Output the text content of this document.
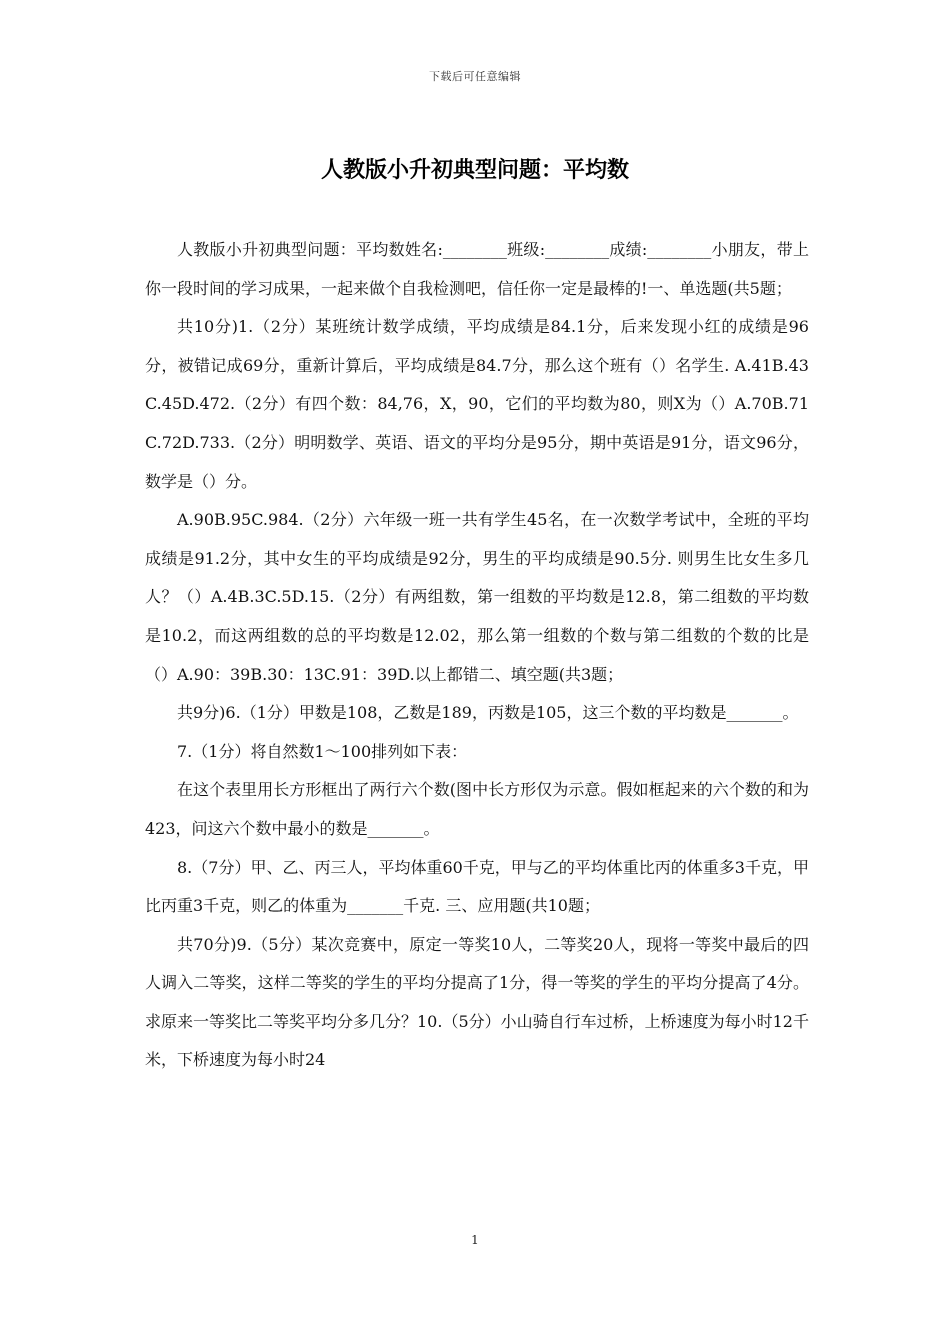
下载后可任意编辑
人教版小升初典型问题：平均数

人教版小升初典型问题：平均数姓名:________班级:________成绩:________小朋友，带上你一段时间的学习成果，一起来做个自我检测吧，信任你一定是最棒的!一、单选题(共5题；

共10分)1.（2分）某班统计数学成绩，平均成绩是84.1分，后来发现小红的成绩是96分，被错记成69分，重新计算后，平均成绩是84.7分，那么这个班有（）名学生. A.41B.43C.45D.472.（2分）有四个数：84,76，X，90，它们的平均数为80，则X为（）A.70B.71C.72D.733.（2分）明明数学、英语、语文的平均分是95分，期中英语是91分，语文96分，数学是（）分。

A.90B.95C.984.（2分）六年级一班一共有学生45名，在一次数学考试中，全班的平均成绩是91.2分，其中女生的平均成绩是92分，男生的平均成绩是90.5分. 则男生比女生多几人？（）A.4B.3C.5D.15.（2分）有两组数，第一组数的平均数是12.8，第二组数的平均数是10.2，而这两组数的总的平均数是12.02，那么第一组数的个数与第二组数的个数的比是（）A.90：39B.30：13C.91：39D.以上都错二、填空题(共3题；

共9分)6.（1分）甲数是108，乙数是189，丙数是105，这三个数的平均数是_______。

7.（1分）将自然数1～100排列如下表：

在这个表里用长方形框出了两行六个数(图中长方形仅为示意。假如框起来的六个数的和为423，问这六个数中最小的数是_______。

8.（7分）甲、乙、丙三人，平均体重60千克，甲与乙的平均体重比丙的体重多3千克，甲比丙重3千克，则乙的体重为_______千克. 三、应用题(共10题；

共70分)9.（5分）某次竞赛中，原定一等奖10人，二等奖20人，现将一等奖中最后的四人调入二等奖，这样二等奖的学生的平均分提高了1分，得一等奖的学生的平均分提高了4分。求原来一等奖比二等奖平均分多几分？10.（5分）小山骑自行车过桥，上桥速度为每小时12千米，下桥速度为每小时24

1
